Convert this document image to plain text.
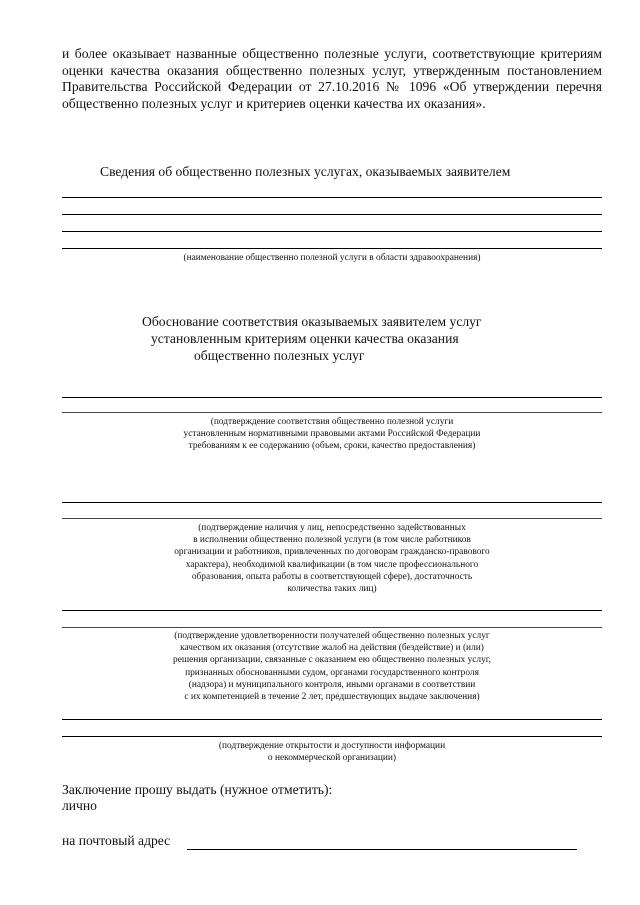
и более оказывает названные общественно полезные услуги, соответствующие критериям оценки качества оказания общественно полезных услуг, утвержденным постановлением Правительства Российской Федерации от 27.10.2016 № 1096 «Об утверждении перечня общественно полезных услуг и критериев оценки качества их оказания».
Сведения об общественно полезных услугах, оказываемых заявителем
(наименование общественно полезной услуги в области здравоохранения)
Обоснование соответствия оказываемых заявителем услуг
установленным критериям оценки качества оказания
общественно полезных услуг
(подтверждение соответствия общественно полезной услуги
установленным нормативными правовыми актами Российской Федерации
требованиям к ее содержанию (объем, сроки, качество предоставления)
(подтверждение наличия у лиц, непосредственно задействованных
в исполнении общественно полезной услуги (в том числе работников
организации и работников, привлеченных по договорам гражданско-правового
характера), необходимой квалификации (в том числе профессионального
образования, опыта работы в соответствующей сфере), достаточность
количества таких лиц)
(подтверждение удовлетворенности получателей общественно полезных услуг
качеством их оказания (отсутствие жалоб на действия (бездействие) и (или)
решения организации, связанные с оказанием ею общественно полезных услуг,
признанных обоснованными судом, органами государственного контроля
(надзора) и муниципального контроля, иными органами в соответствии
с их компетенцией в течение 2 лет, предшествующих выдаче заключения)
(подтверждение открытости и доступности информации
о некоммерческой организации)
Заключение прошу выдать (нужное отметить):
лично
на почтовый адрес
